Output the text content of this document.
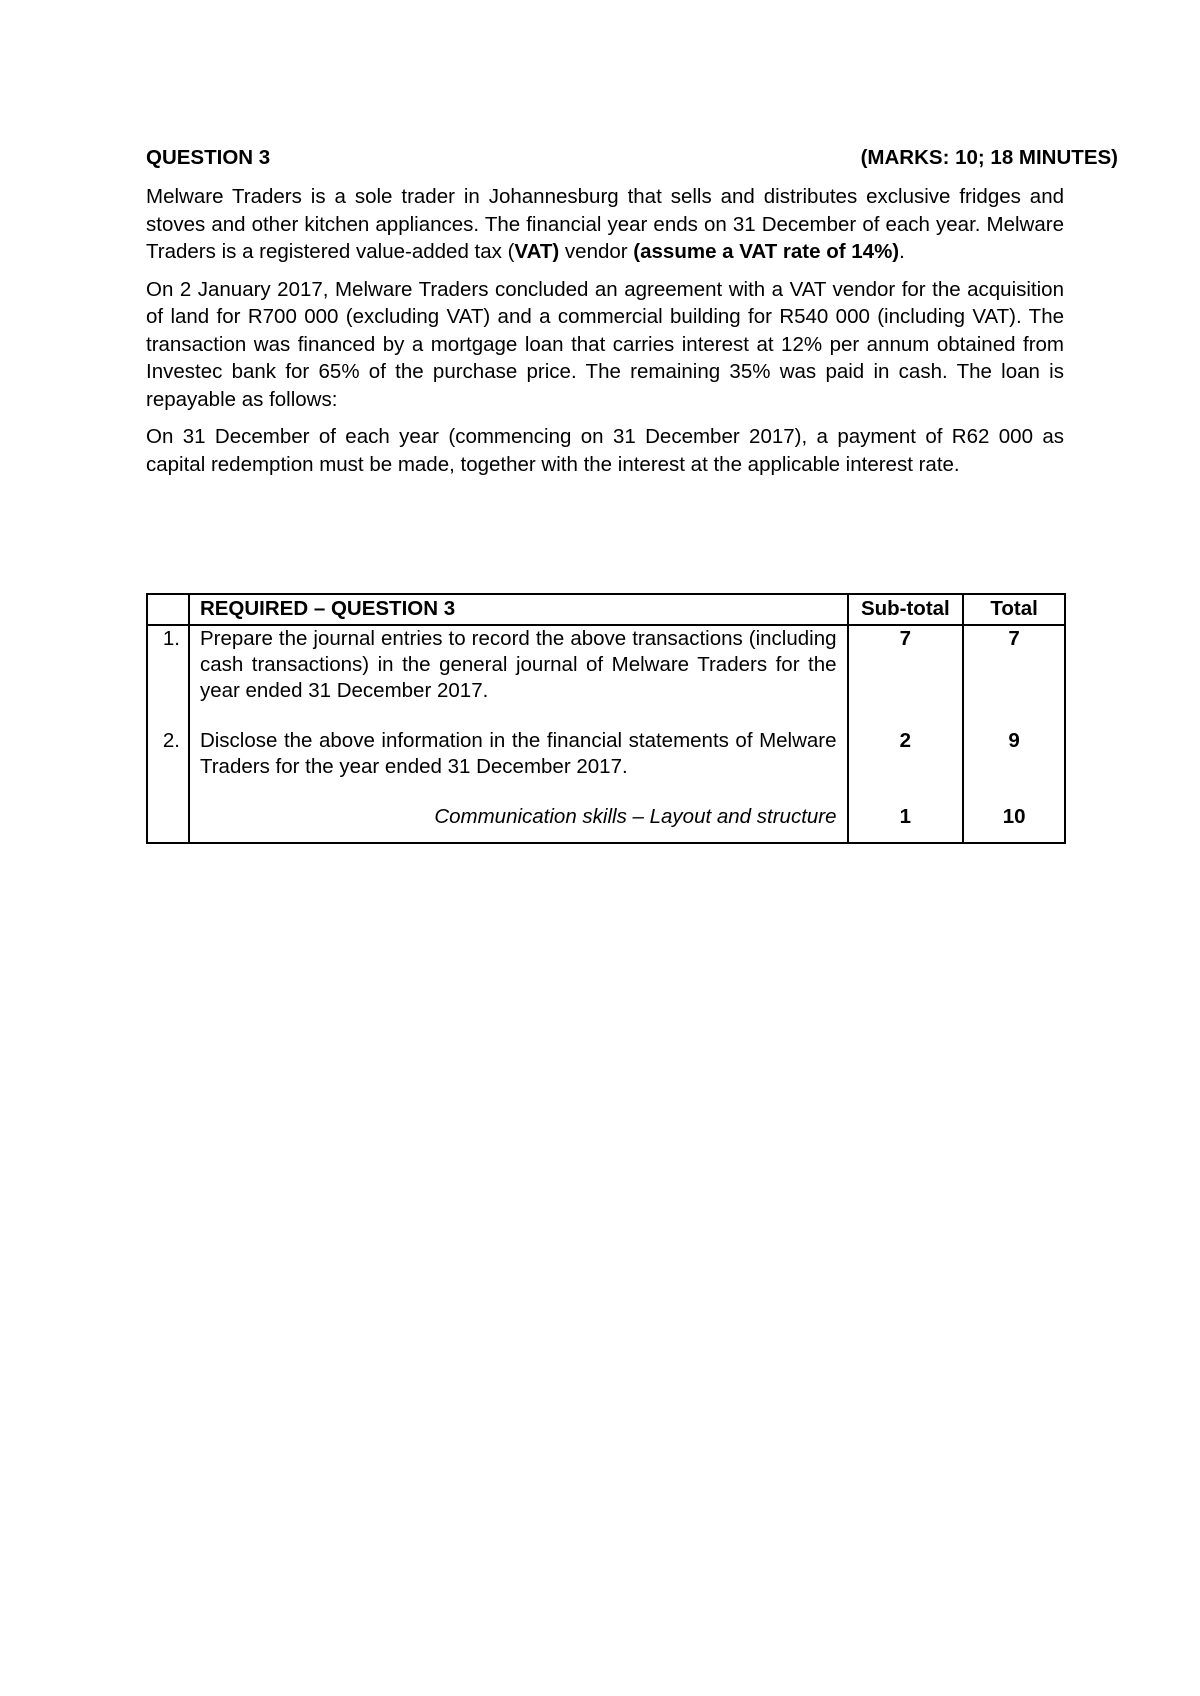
QUESTION 3	(MARKS: 10; 18 MINUTES)

Melware Traders is a sole trader in Johannesburg that sells and distributes exclusive fridges and stoves and other kitchen appliances. The financial year ends on 31 December of each year. Melware Traders is a registered value-added tax (VAT) vendor (assume a VAT rate of 14%).

On 2 January 2017, Melware Traders concluded an agreement with a VAT vendor for the acquisition of land for R700 000 (excluding VAT) and a commercial building for R540 000 (including VAT). The transaction was financed by a mortgage loan that carries interest at 12% per annum obtained from Investec bank for 65% of the purchase price. The remaining 35% was paid in cash. The loan is repayable as follows:

On 31 December of each year (commencing on 31 December 2017), a payment of R62 000 as capital redemption must be made, together with the interest at the applicable interest rate.

	REQUIRED – QUESTION 3	Sub-total	Total
1.	Prepare the journal entries to record the above transactions (including cash transactions) in the general journal of Melware Traders for the year ended 31 December 2017.	7	7
2.	Disclose the above information in the financial statements of Melware Traders for the year ended 31 December 2017.	2	9
	Communication skills – Layout and structure	1	10
